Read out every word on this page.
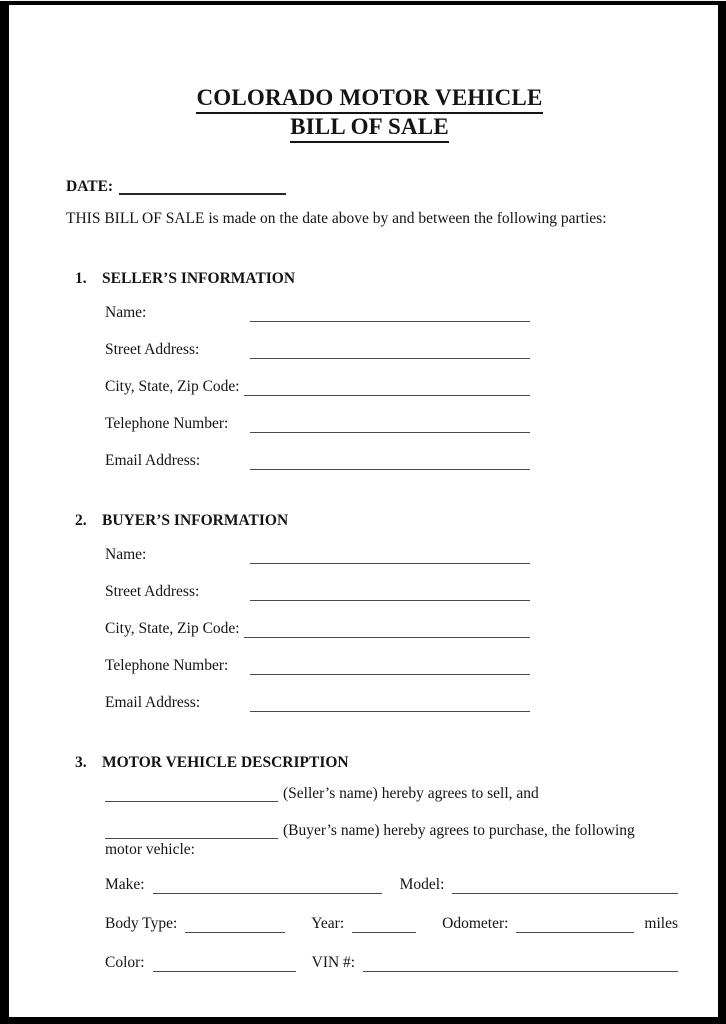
COLORADO MOTOR VEHICLE
BILL OF SALE

DATE:

THIS BILL OF SALE is made on the date above by and between the following parties:

1. SELLER’S INFORMATION
Name:
Street Address:
City, State, Zip Code:
Telephone Number:
Email Address:
2. BUYER’S INFORMATION
Name:
Street Address:
City, State, Zip Code:
Telephone Number:
Email Address:
3. MOTOR VEHICLE DESCRIPTION

(Seller’s name) hereby agrees to sell, and

(Buyer’s name) hereby agrees to purchase, the following
motor vehicle:

Make:	Model:
Body Type:	Year:	Odometer:	miles
Color:	VIN #:
